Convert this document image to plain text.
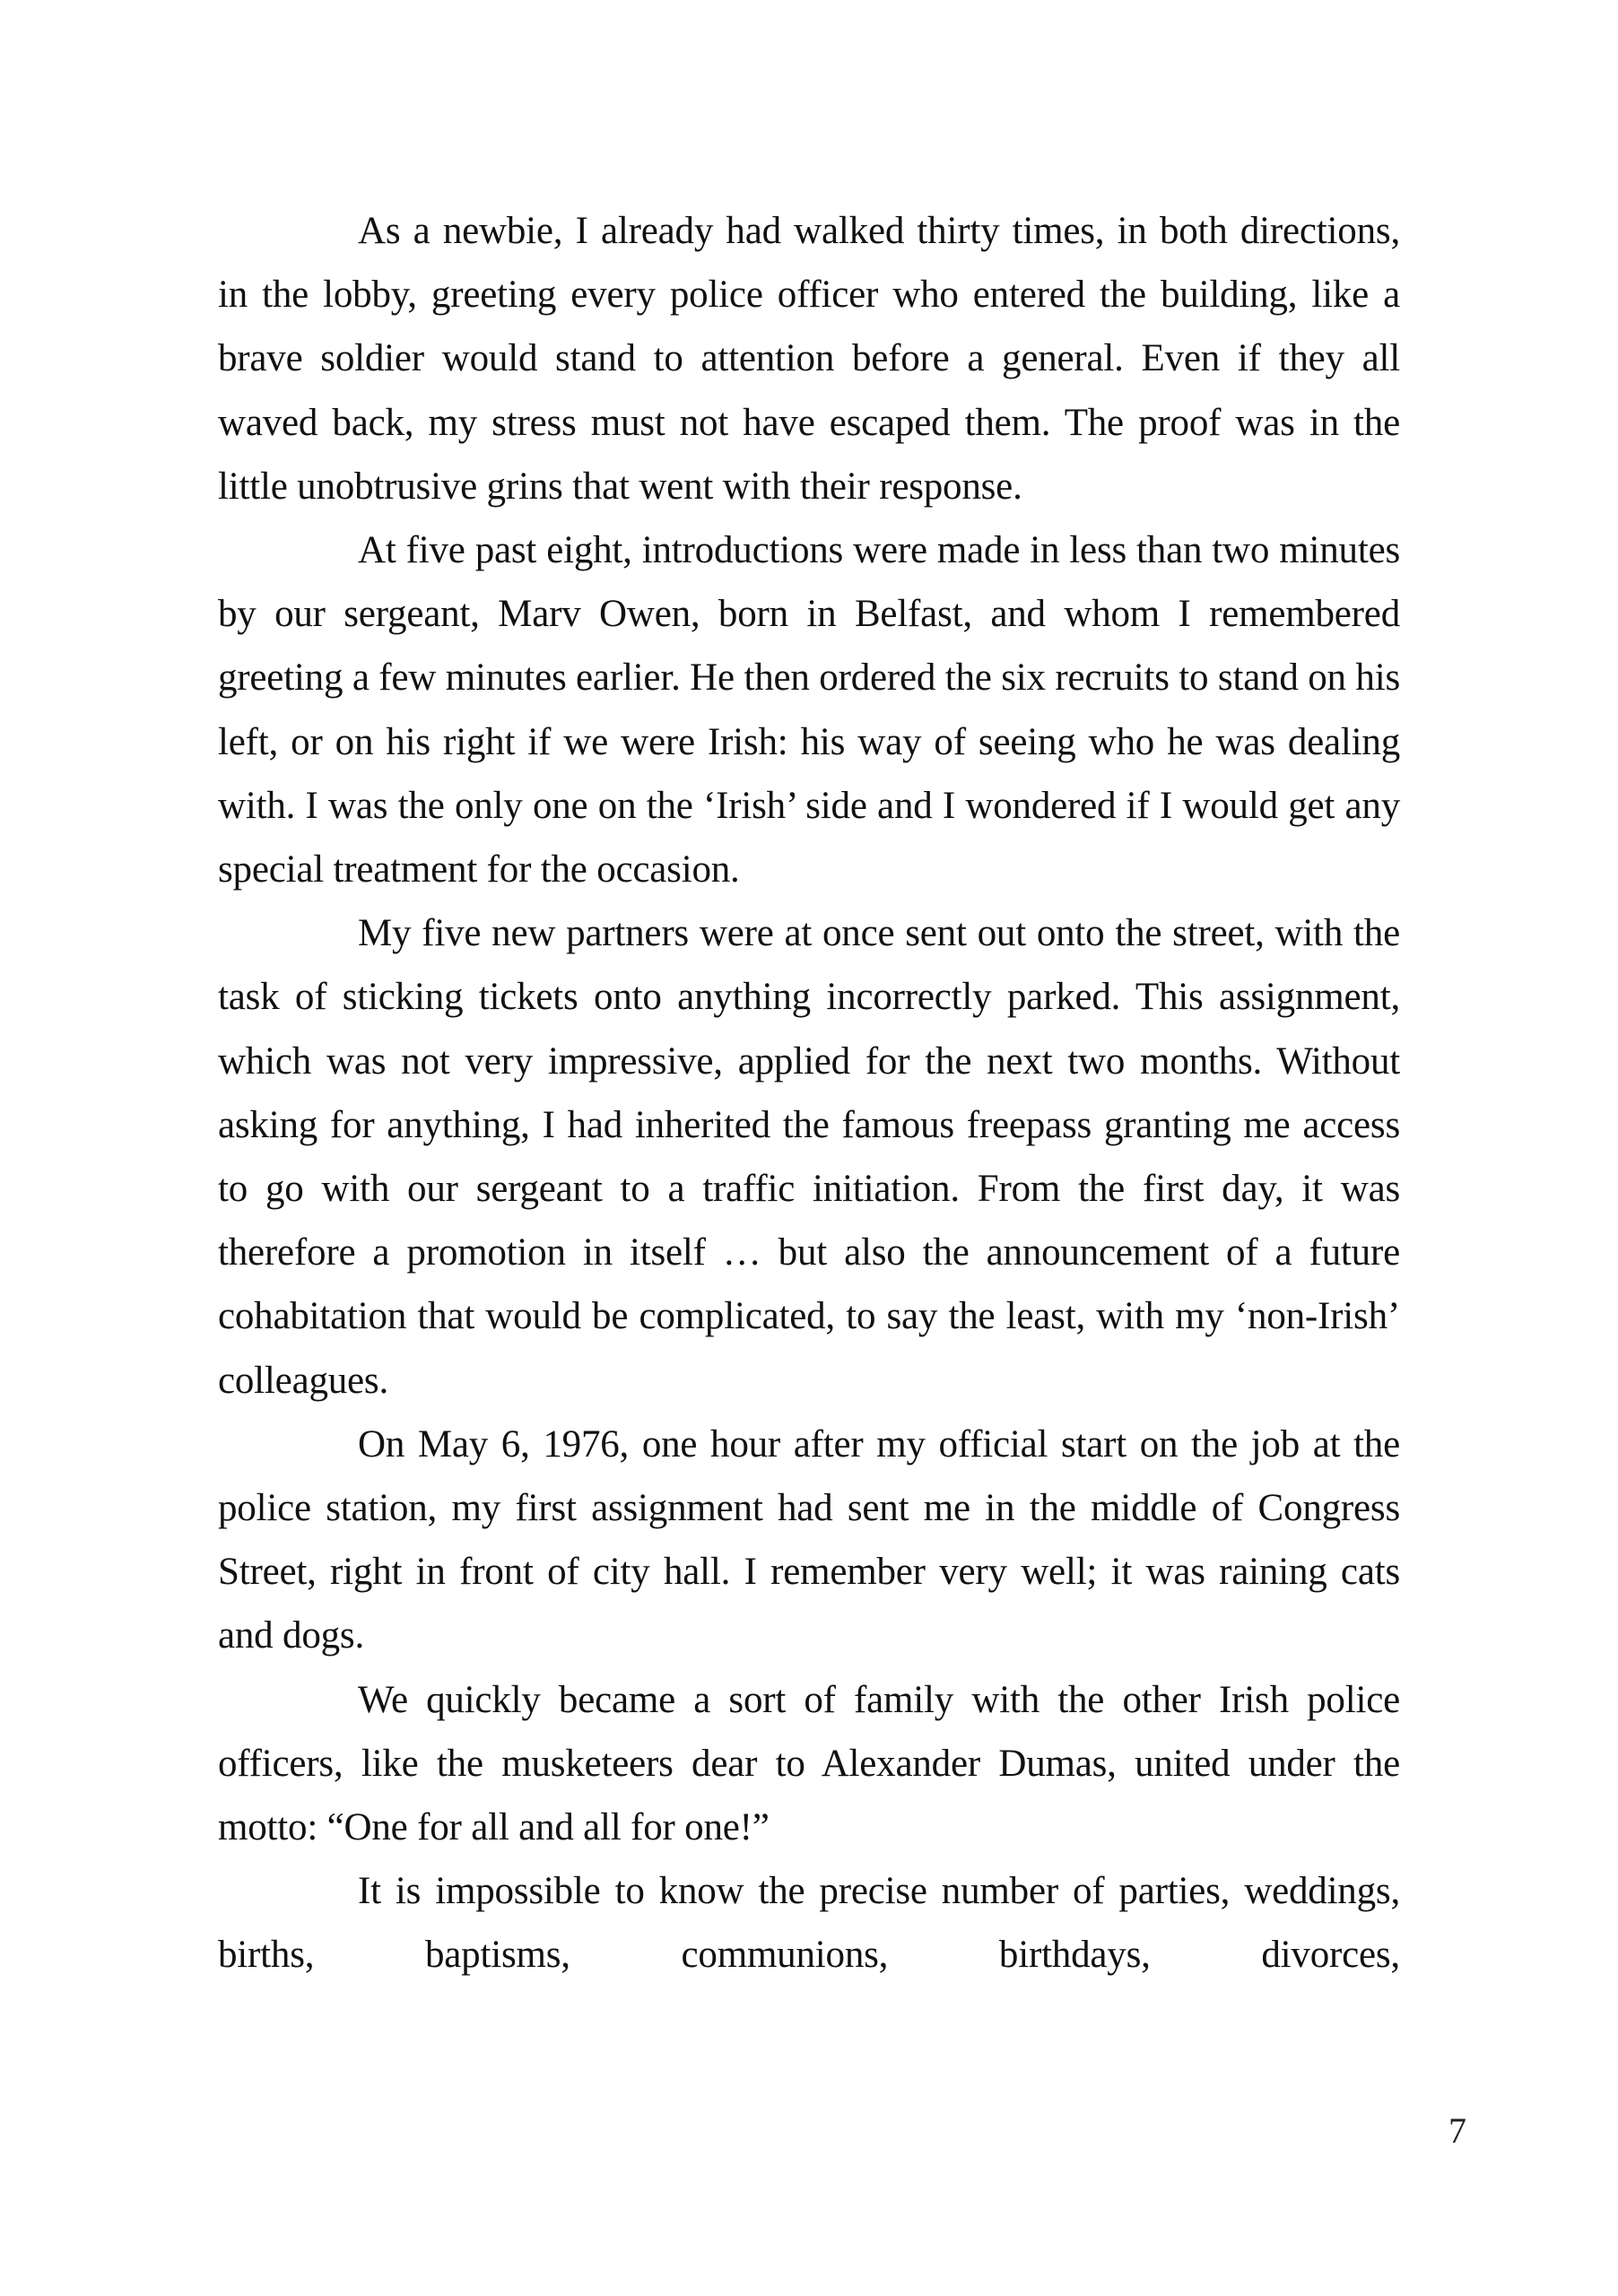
As a newbie, I already had walked thirty times, in both directions, in the lobby, greeting every police officer who entered the building, like a brave soldier would stand to attention before a general. Even if they all waved back, my stress must not have escaped them. The proof was in the little unobtrusive grins that went with their response.

At five past eight, introductions were made in less than two minutes by our sergeant, Marv Owen, born in Belfast, and whom I remembered greeting a few minutes earlier. He then ordered the six recruits to stand on his left, or on his right if we were Irish: his way of seeing who he was dealing with. I was the only one on the ‘Irish’ side and I wondered if I would get any special treatment for the occasion.

My five new partners were at once sent out onto the street, with the task of sticking tickets onto anything incorrectly parked. This assignment, which was not very impressive, applied for the next two months. Without asking for anything, I had inherited the famous freepass granting me access to go with our sergeant to a traffic initiation. From the first day, it was therefore a promotion in itself … but also the announcement of a future cohabitation that would be complicated, to say the least, with my ‘non-Irish’ colleagues.

On May 6, 1976, one hour after my official start on the job at the police station, my first assignment had sent me in the middle of Congress Street, right in front of city hall. I remember very well; it was raining cats and dogs.

We quickly became a sort of family with the other Irish police officers, like the musketeers dear to Alexander Dumas, united under the motto: “One for all and all for one!”

It is impossible to know the precise number of parties, weddings, births, baptisms, communions, birthdays, divorces,

7
